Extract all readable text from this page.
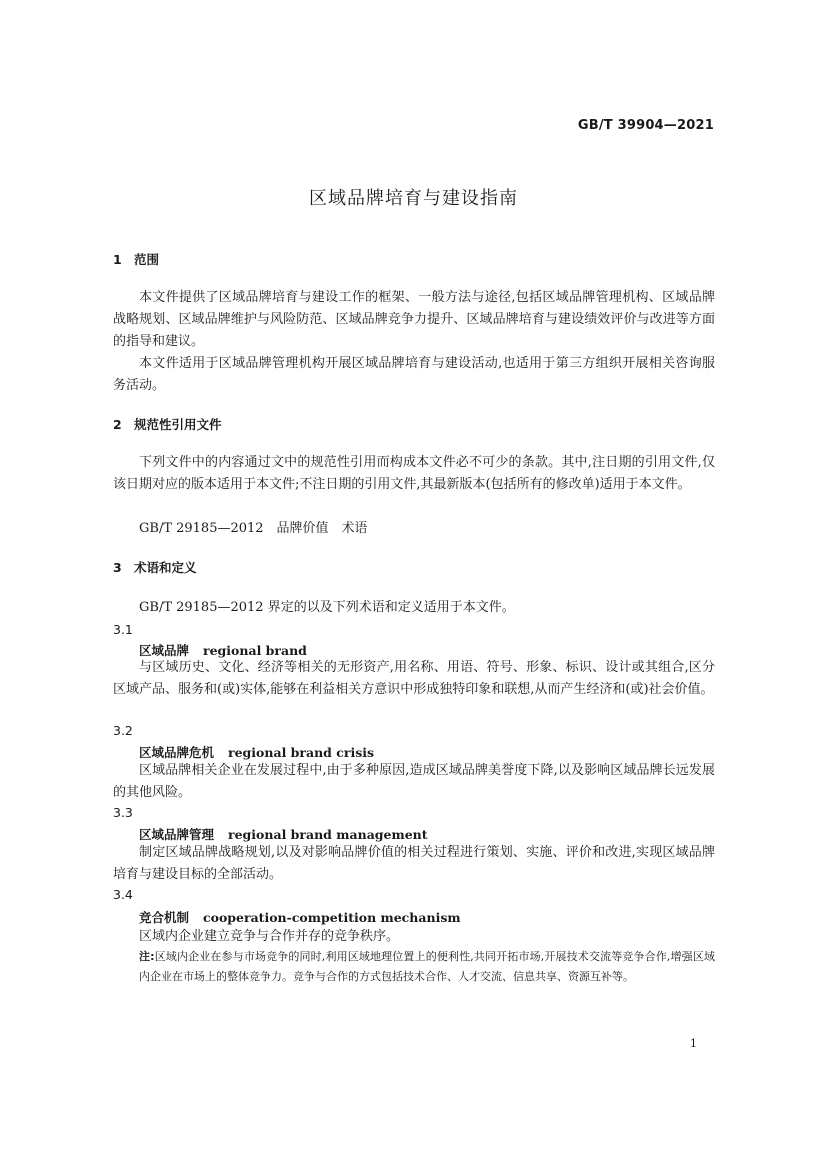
GB/T 39904—2021
区域品牌培育与建设指南
1 范围
本文件提供了区域品牌培育与建设工作的框架、一般方法与途径,包括区域品牌管理机构、区域品牌战略规划、区域品牌维护与风险防范、区域品牌竞争力提升、区域品牌培育与建设绩效评价与改进等方面的指导和建议。
本文件适用于区域品牌管理机构开展区域品牌培育与建设活动,也适用于第三方组织开展相关咨询服务活动。
2 规范性引用文件
下列文件中的内容通过文中的规范性引用而构成本文件必不可少的条款。其中,注日期的引用文件,仅该日期对应的版本适用于本文件;不注日期的引用文件,其最新版本(包括所有的修改单)适用于本文件。
GB/T 29185—2012　品牌价值　术语
3 术语和定义
GB/T 29185—2012 界定的以及下列术语和定义适用于本文件。
3.1
区域品牌 regional brand
与区域历史、文化、经济等相关的无形资产,用名称、用语、符号、形象、标识、设计或其组合,区分区域产品、服务和(或)实体,能够在利益相关方意识中形成独特印象和联想,从而产生经济和(或)社会价值。
3.2
区域品牌危机 regional brand crisis
区域品牌相关企业在发展过程中,由于多种原因,造成区域品牌美誉度下降,以及影响区域品牌长远发展的其他风险。
3.3
区域品牌管理 regional brand management
制定区域品牌战略规划,以及对影响品牌价值的相关过程进行策划、实施、评价和改进,实现区域品牌培育与建设目标的全部活动。
3.4
竞合机制 cooperation-competition mechanism
区域内企业建立竞争与合作并存的竞争秩序。
注:区域内企业在参与市场竞争的同时,利用区域地理位置上的便利性,共同开拓市场,开展技术交流等竞争合作,增强区域内企业在市场上的整体竞争力。竞争与合作的方式包括技术合作、人才交流、信息共享、资源互补等。
1
